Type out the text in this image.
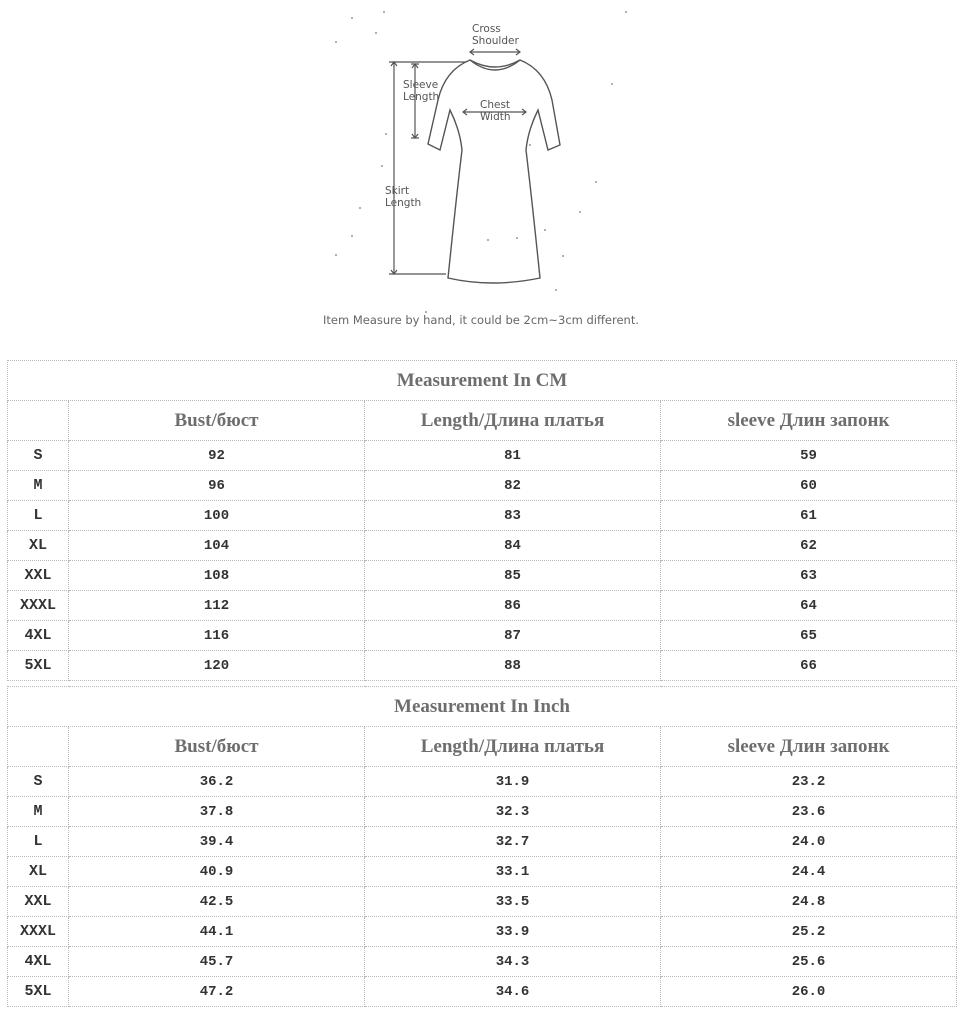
Cross
Shoulder
Sleeve
Length
Chest
Width
Skirt
Length
Item Measure by hand, it could be 2cm~3cm different.
Measurement In CM			
	Bust/бюст	Length/Длина платья	sleeve Длин запонк
S	92	81	59
M	96	82	60
L	100	83	61
XL	104	84	62
XXL	108	85	63
XXXL	112	86	64
4XL	116	87	65
5XL	120	88	66
Measurement In Inch			
	Bust/бюст	Length/Длина платья	sleeve Длин запонк
S	36.2	31.9	23.2
M	37.8	32.3	23.6
L	39.4	32.7	24.0
XL	40.9	33.1	24.4
XXL	42.5	33.5	24.8
XXXL	44.1	33.9	25.2
4XL	45.7	34.3	25.6
5XL	47.2	34.6	26.0
